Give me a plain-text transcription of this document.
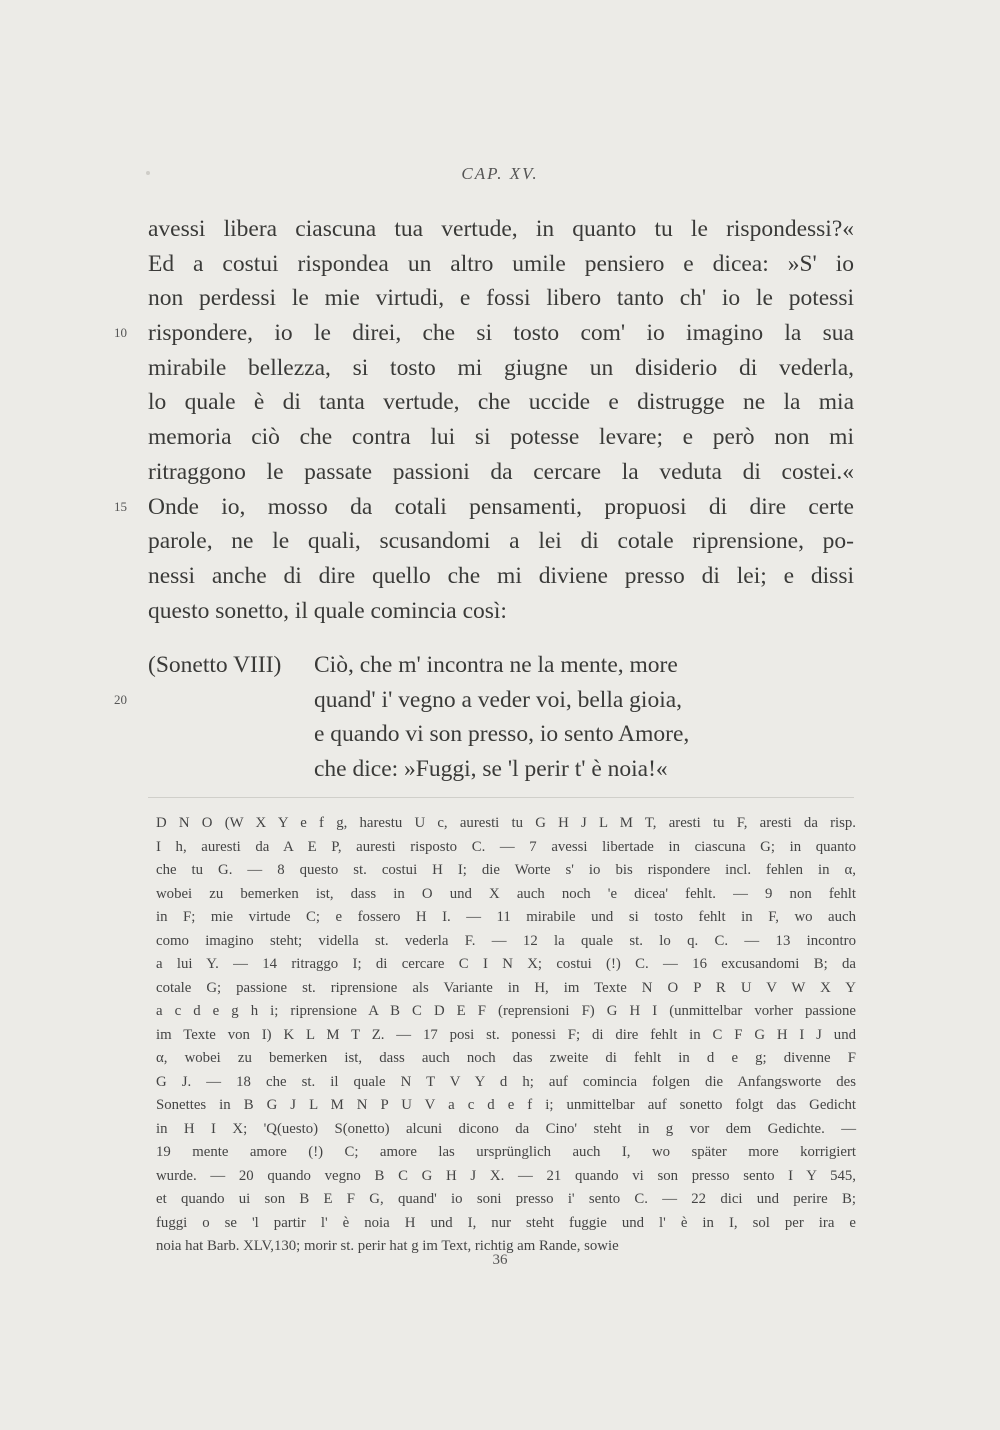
CAP. XV.
avessi libera ciascuna tua vertude, in quanto tu le rispondessi?«
Ed a costui rispondea un altro umile pensiero e dicea: »S' io
non perdessi le mie virtudi, e fossi libero tanto ch' io le potessi
rispondere, io le direi, che si tosto com' io imagino la sua
10
mirabile bellezza, si tosto mi giugne un disiderio di vederla,
lo quale è di tanta vertude, che uccide e distrugge ne la mia
memoria ciò che contra lui si potesse levare; e però non mi
ritraggono le passate passioni da cercare la veduta di costei.«
Onde io, mosso da cotali pensamenti, propuosi di dire certe
15
parole, ne le quali, scusandomi a lei di cotale riprensione, po-
nessi anche di dire quello che mi diviene presso di lei; e dissi
questo sonetto, il quale comincia così:
(Sonetto VIII) Ciò, che m' incontra ne la mente, more
quand' i' vegno a veder voi, bella gioia,
20
e quando vi son presso, io sento Amore,
che dice: »Fuggi, se 'l perir t' è noia!«
D N O (W X Y e f g, harestu U c, auresti tu G H J L M T, aresti tu F, aresti da risp.
I h, auresti da A E P, auresti risposto C. — 7 avessi libertade in ciascuna G; in quanto
che tu G. — 8 questo st. costui H I; die Worte s' io bis rispondere incl. fehlen in α,
wobei zu bemerken ist, dass in O und X auch noch 'e dicea' fehlt. — 9 non fehlt
in F; mie virtude C; e fossero H I. — 11 mirabile und si tosto fehlt in F, wo auch
como imagino steht; vidella st. vederla F. — 12 la quale st. lo q. C. — 13 incontro
a lui Y. — 14 ritraggo I; di cercare C I N X; costui (!) C. — 16 excusandomi B; da
cotale G; passione st. riprensione als Variante in H, im Texte N O P R U V W X Y
a c d e g h i; riprensione A B C D E F (reprensioni F) G H I (unmittelbar vorher passione
im Texte von I) K L M T Z. — 17 posi st. ponessi F; di dire fehlt in C F G H I J und
α, wobei zu bemerken ist, dass auch noch das zweite di fehlt in d e g; divenne F
G J. — 18 che st. il quale N T V Y d h; auf comincia folgen die Anfangsworte des
Sonettes in B G J L M N P U V a c d e f i; unmittelbar auf sonetto folgt das Gedicht
in H I X; 'Q(uesto) S(onetto) alcuni dicono da Cino' steht in g vor dem Gedichte. —
19 mente amore (!) C; amore las ursprünglich auch I, wo später more korrigiert
wurde. — 20 quando vegno B C G H J X. — 21 quando vi son presso sento I Y 545,
et quando ui son B E F G, quand' io soni presso i' sento C. — 22 dici und perire B;
fuggi o se 'l partir l' è noia H und I, nur steht fuggie und l' è in I, sol per ira e
noia hat Barb. XLV,130; morir st. perir hat g im Text, richtig am Rande, sowie
36
